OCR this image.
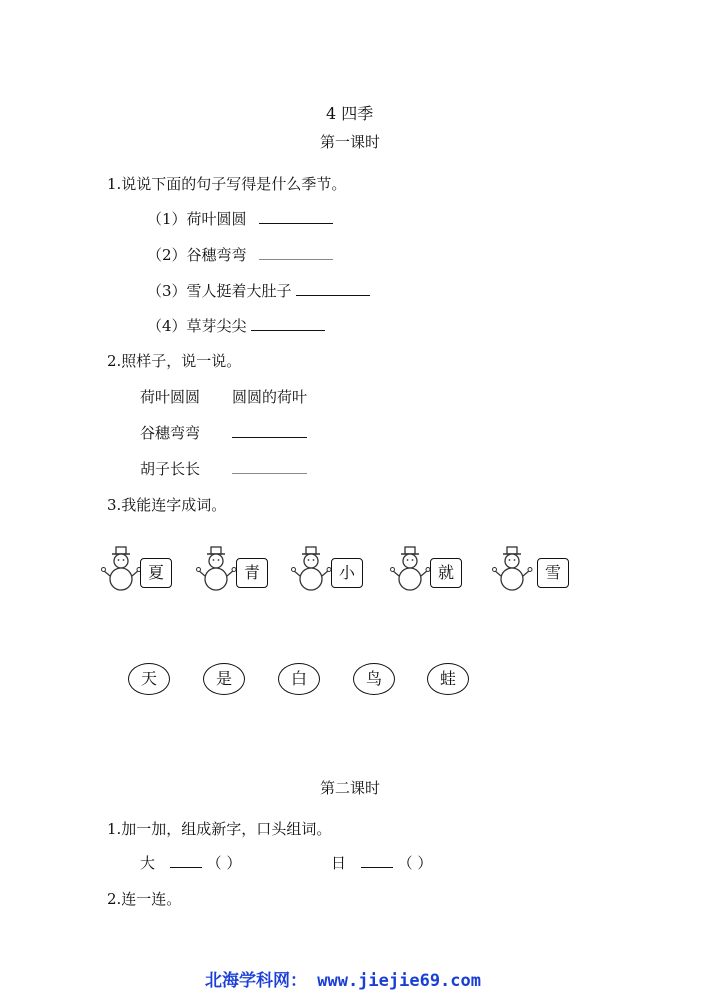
4 四季
第一课时
1.说说下面的句子写得是什么季节。
（1）荷叶圆圆
（2）谷穗弯弯
（3）雪人挺着大肚子
（4）草芽尖尖
2.照样子，说一说。
荷叶圆圆 圆圆的荷叶
谷穗弯弯
胡子长长
3.我能连字成词。
夏	青	小	就	雪
天	是	白	鸟	蛙
第二课时
1.加一加，组成新字，口头组词。
大	（ ）	日	（ ）
2.连一连。
北海学科网： www.jiejie69.com
